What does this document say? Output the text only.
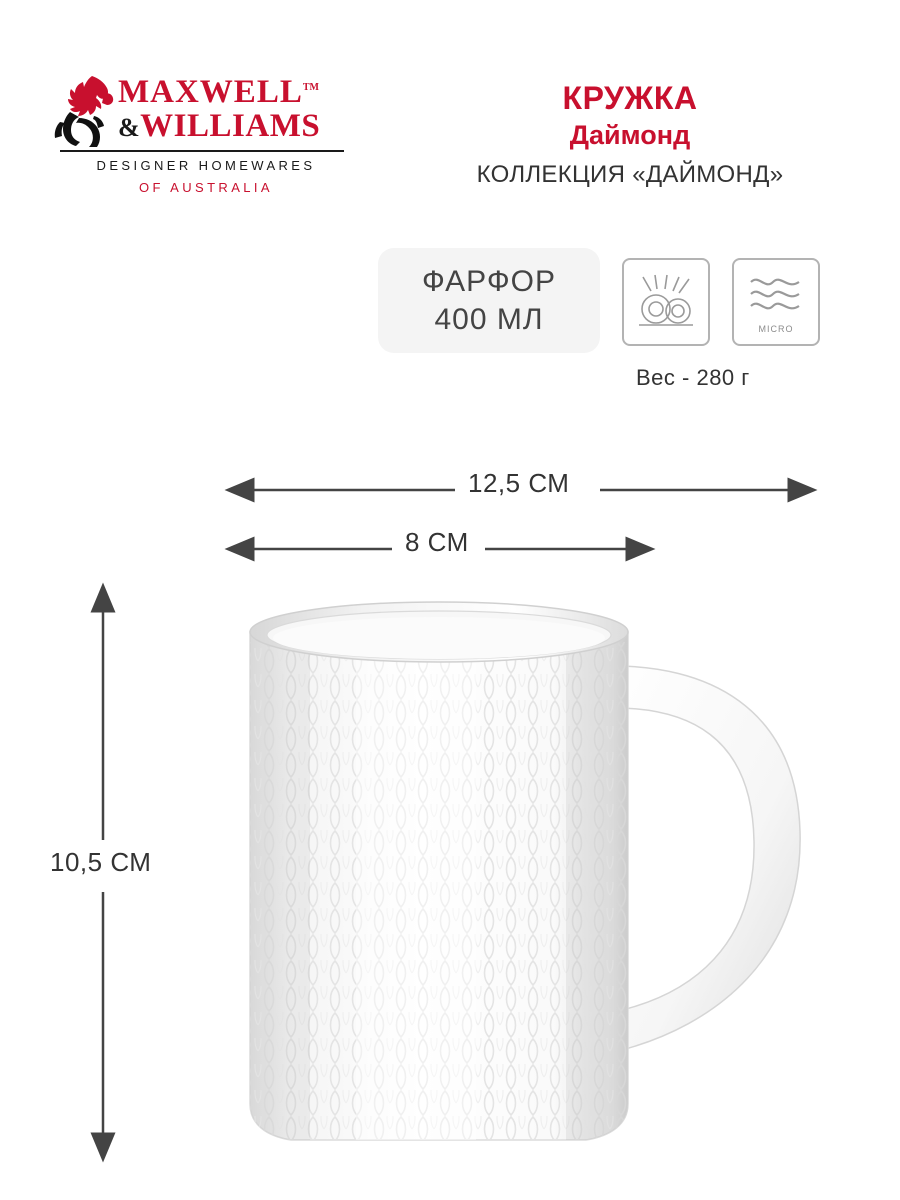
MAXWELL™
&WILLIAMS
DESIGNER HOMEWARES
OF AUSTRALIA
КРУЖКА
Даймонд
КОЛЛЕКЦИЯ «ДАЙМОНД»
ФАРФОР
400 МЛ	MICRO
Вес - 280 г
12,5 СМ
8 СМ
10,5 СМ
